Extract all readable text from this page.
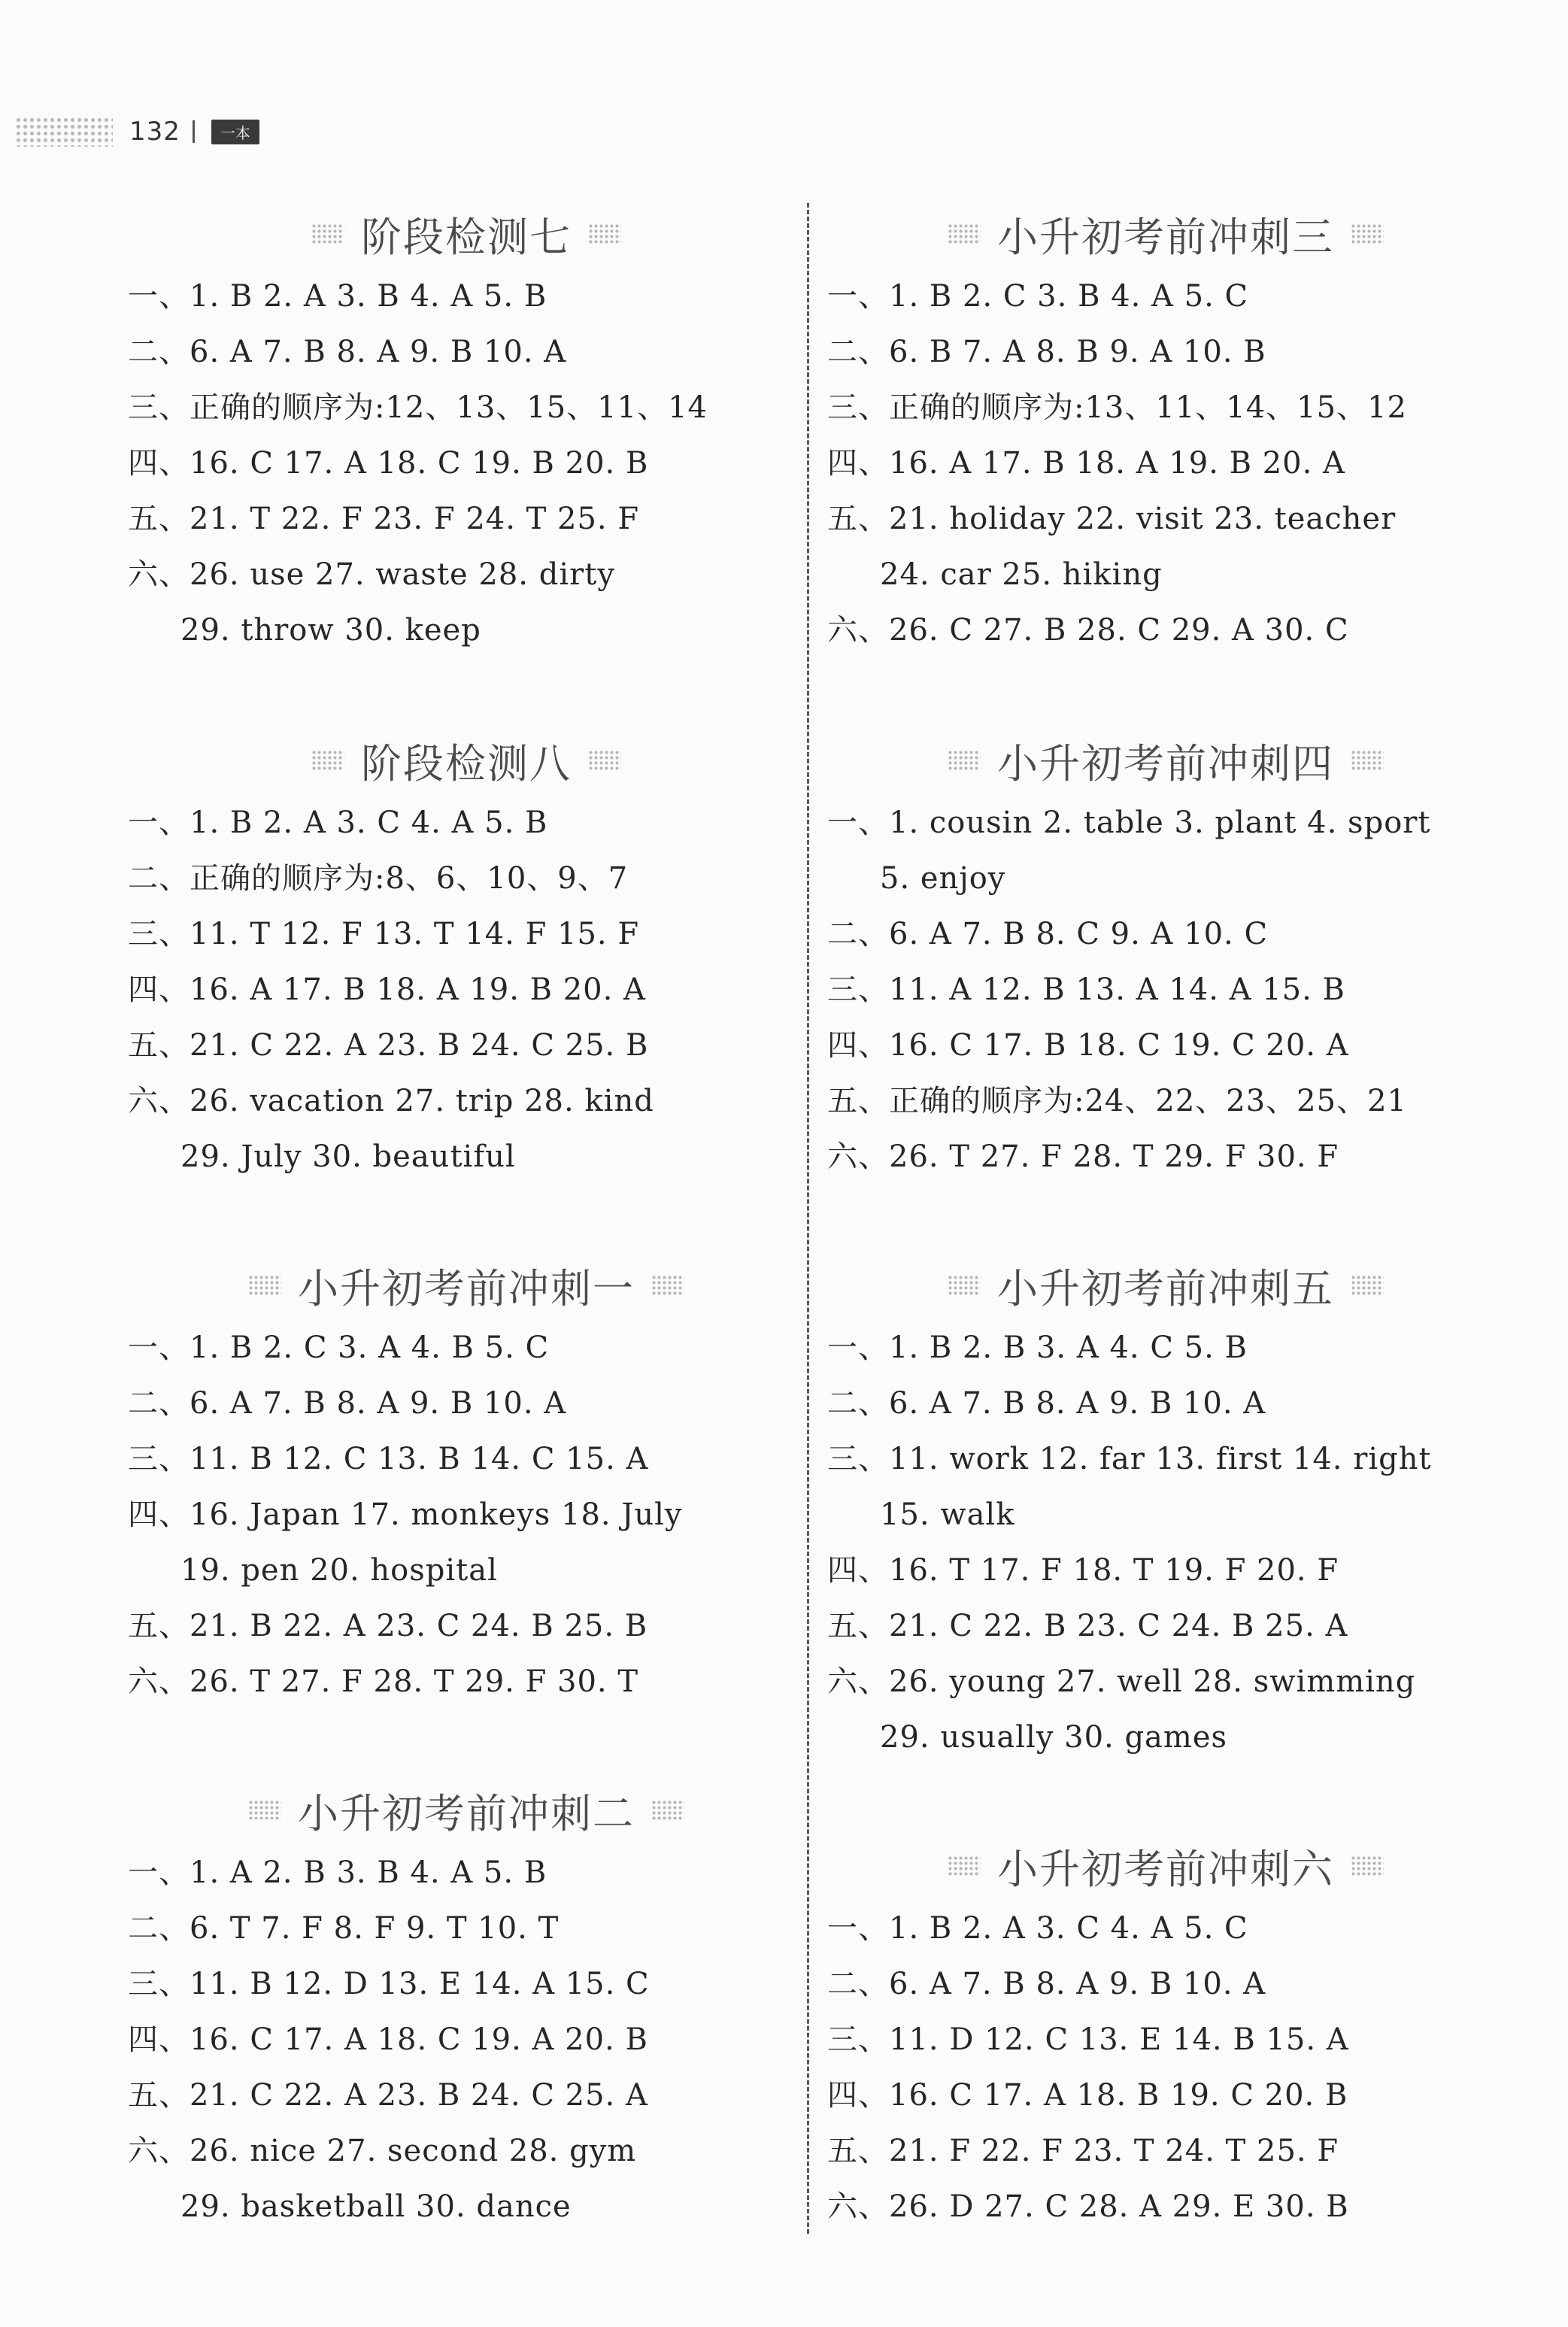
132	一本
阶段检测七
一、1. B 2. A 3. B 4. A 5. B
二、6. A 7. B 8. A 9. B 10. A
三、正确的顺序为:12、13、15、11、14
四、16. C 17. A 18. C 19. B 20. B
五、21. T 22. F 23. F 24. T 25. F
六、26. use 27. waste 28. dirty
29. throw 30. keep
阶段检测八
一、1. B 2. A 3. C 4. A 5. B
二、正确的顺序为:8、6、10、9、7
三、11. T 12. F 13. T 14. F 15. F
四、16. A 17. B 18. A 19. B 20. A
五、21. C 22. A 23. B 24. C 25. B
六、26. vacation 27. trip 28. kind
29. July 30. beautiful
小升初考前冲刺一
一、1. B 2. C 3. A 4. B 5. C
二、6. A 7. B 8. A 9. B 10. A
三、11. B 12. C 13. B 14. C 15. A
四、16. Japan 17. monkeys 18. July
19. pen 20. hospital
五、21. B 22. A 23. C 24. B 25. B
六、26. T 27. F 28. T 29. F 30. T
小升初考前冲刺二
一、1. A 2. B 3. B 4. A 5. B
二、6. T 7. F 8. F 9. T 10. T
三、11. B 12. D 13. E 14. A 15. C
四、16. C 17. A 18. C 19. A 20. B
五、21. C 22. A 23. B 24. C 25. A
六、26. nice 27. second 28. gym
29. basketball 30. dance
小升初考前冲刺三
一、1. B 2. C 3. B 4. A 5. C
二、6. B 7. A 8. B 9. A 10. B
三、正确的顺序为:13、11、14、15、12
四、16. A 17. B 18. A 19. B 20. A
五、21. holiday 22. visit 23. teacher
24. car 25. hiking
六、26. C 27. B 28. C 29. A 30. C
小升初考前冲刺四
一、1. cousin 2. table 3. plant 4. sport
5. enjoy
二、6. A 7. B 8. C 9. A 10. C
三、11. A 12. B 13. A 14. A 15. B
四、16. C 17. B 18. C 19. C 20. A
五、正确的顺序为:24、22、23、25、21
六、26. T 27. F 28. T 29. F 30. F
小升初考前冲刺五
一、1. B 2. B 3. A 4. C 5. B
二、6. A 7. B 8. A 9. B 10. A
三、11. work 12. far 13. first 14. right
15. walk
四、16. T 17. F 18. T 19. F 20. F
五、21. C 22. B 23. C 24. B 25. A
六、26. young 27. well 28. swimming
29. usually 30. games
小升初考前冲刺六
一、1. B 2. A 3. C 4. A 5. C
二、6. A 7. B 8. A 9. B 10. A
三、11. D 12. C 13. E 14. B 15. A
四、16. C 17. A 18. B 19. C 20. B
五、21. F 22. F 23. T 24. T 25. F
六、26. D 27. C 28. A 29. E 30. B
